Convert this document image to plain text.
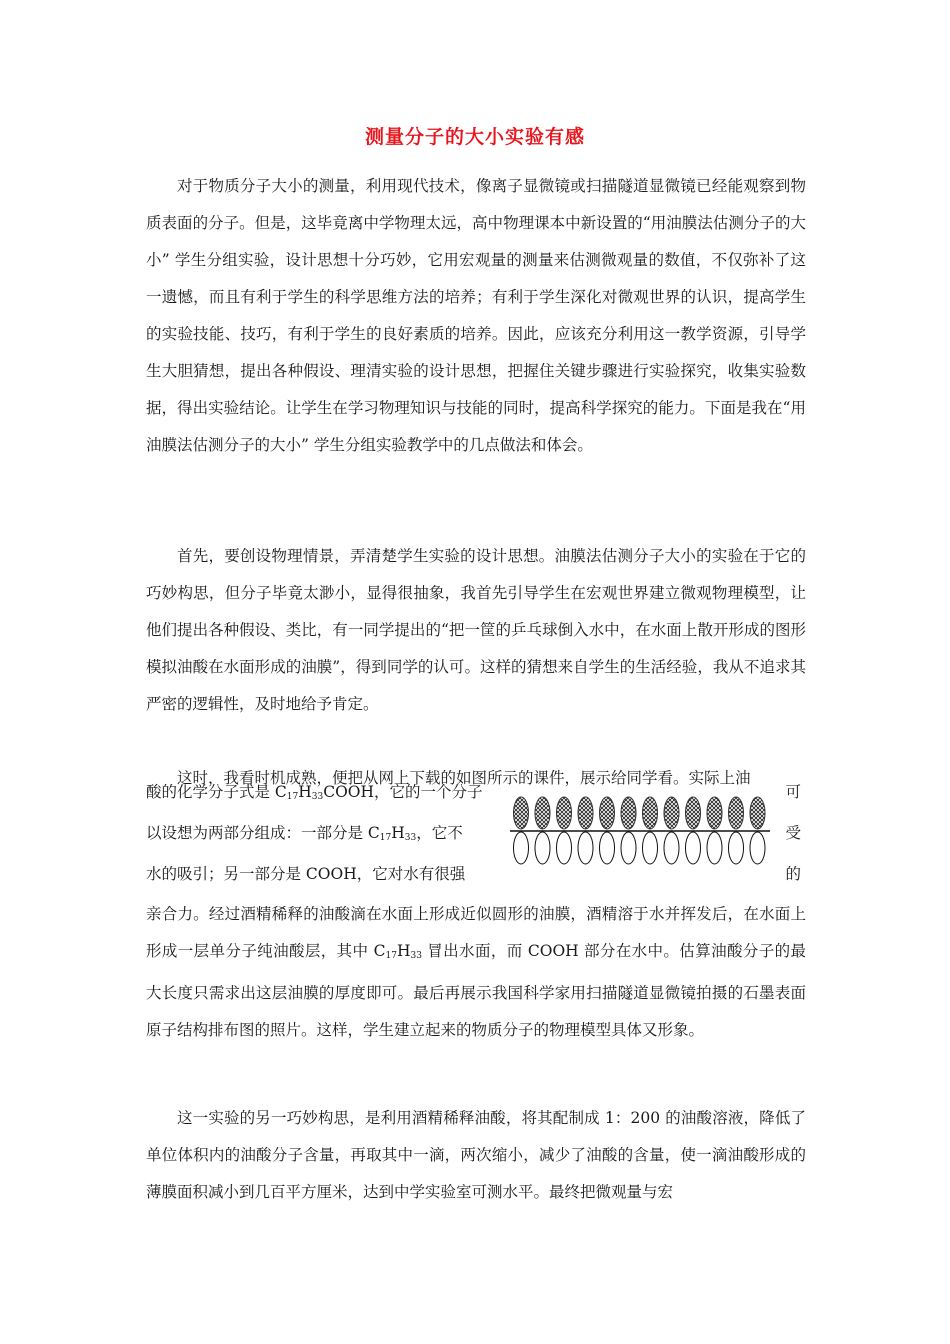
测量分子的大小实验有感

对于物质分子大小的测量，利用现代技术，像离子显微镜或扫描隧道显微镜已经能观察到物质表面的分子。但是，这毕竟离中学物理太远，高中物理课本中新设置的“用油膜法估测分子的大小” 学生分组实验，设计思想十分巧妙，它用宏观量的测量来估测微观量的数值，不仅弥补了这一遗憾，而且有利于学生的科学思维方法的培养；有利于学生深化对微观世界的认识，提高学生的实验技能、技巧，有利于学生的良好素质的培养。因此，应该充分利用这一教学资源，引导学生大胆猜想，提出各种假设、理清实验的设计思想，把握住关键步骤进行实验探究，收集实验数据，得出实验结论。让学生在学习物理知识与技能的同时，提高科学探究的能力。下面是我在“用油膜法估测分子的大小” 学生分组实验教学中的几点做法和体会。

首先，要创设物理情景，弄清楚学生实验的设计思想。油膜法估测分子大小的实验在于它的巧妙构思，但分子毕竟太渺小，显得很抽象，我首先引导学生在宏观世界建立微观物理模型，让他们提出各种假设、类比，有一同学提出的“把一筐的乒乓球倒入水中，在水面上散开形成的图形模拟油酸在水面形成的油膜”，得到同学的认可。这样的猜想来自学生的生活经验，我从不追求其严密的逻辑性，及时地给予肯定。

这时，我看时机成熟，便把从网上下载的如图所示的课件，展示给同学看。实际上油

酸的化学分子式是 $C_{17}H_{33}COOH$，它的一个分子	可
以设想为两部分组成：一部分是 $C_{17}H_{33}$，它不	受
水的吸引；另一部分是 COOH，它对水有很强	的

亲合力。经过酒精稀释的油酸滴在水面上形成近似圆形的油膜，酒精溶于水并挥发后，在水面上形成一层单分子纯油酸层，其中 $C_{17}H_{33}$ 冒出水面，而 COOH 部分在水中。估算油酸分子的最大长度只需求出这层油膜的厚度即可。最后再展示我国科学家用扫描隧道显微镜拍摄的石墨表面原子结构排布图的照片。这样，学生建立起来的物质分子的物理模型具体又形象。

这一实验的另一巧妙构思，是利用酒精稀释油酸，将其配制成 1：200 的油酸溶液，降低了单位体积内的油酸分子含量，再取其中一滴，两次缩小，减少了油酸的含量，使一滴油酸形成的薄膜面积减小到几百平方厘米，达到中学实验室可测水平。最终把微观量与宏
